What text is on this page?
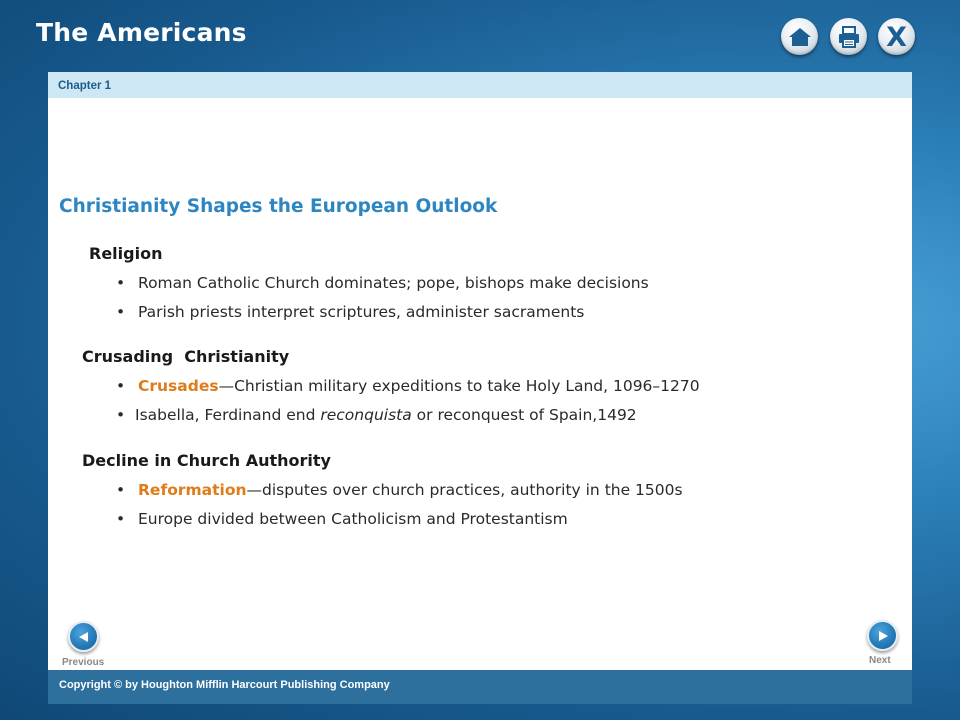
The Americans	X
Chapter 1
Christianity Shapes the European Outlook
Religion
• Roman Catholic Church dominates; pope, bishops make decisions
• Parish priests interpret scriptures, administer sacraments
Crusading  Christianity
• Crusades—Christian military expeditions to take Holy Land, 1096–1270
• Isabella, Ferdinand end reconquista or reconquest of Spain,1492
Decline in Church Authority
• Reformation—disputes over church practices, authority in the 1500s
• Europe divided between Catholicism and Protestantism
Previous	Next
Copyright © by Houghton Mifflin Harcourt Publishing Company
